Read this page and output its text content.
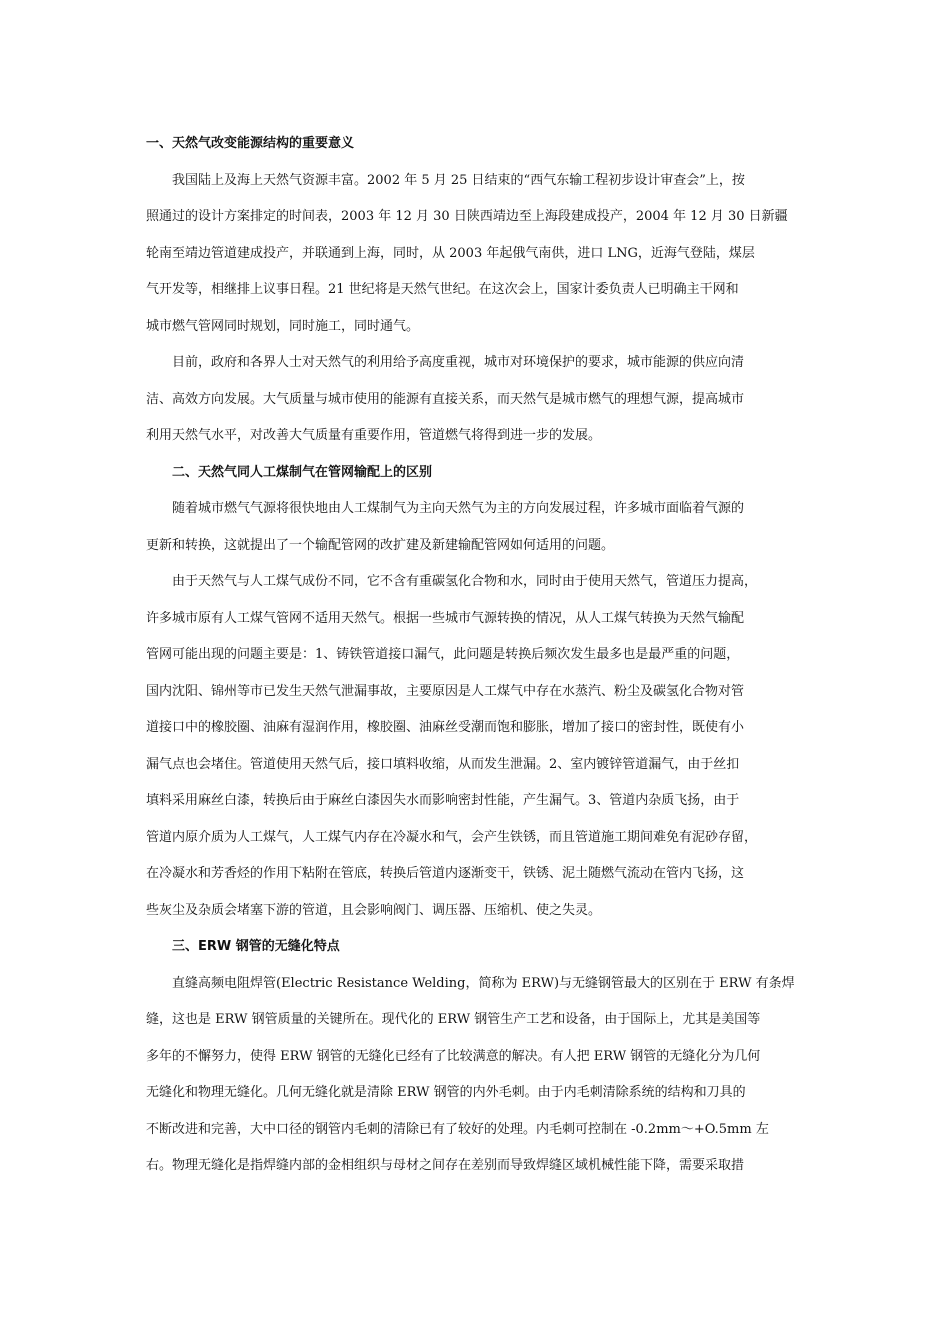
一、天然气改变能源结构的重要意义
我国陆上及海上天然气资源丰富。2002 年 5 月 25 日结束的“西气东输工程初步设计审查会”上，按
照通过的设计方案排定的时间表，2003 年 12 月 30 日陕西靖边至上海段建成投产，2004 年 12 月 30 日新疆
轮南至靖边管道建成投产，并联通到上海，同时，从 2003 年起俄气南供，进口 LNG，近海气登陆，煤层
气开发等，相继排上议事日程。21 世纪将是天然气世纪。在这次会上，国家计委负责人已明确主干网和
城市燃气管网同时规划，同时施工，同时通气。
目前，政府和各界人士对天然气的利用给予高度重视，城市对环境保护的要求，城市能源的供应向清
洁、高效方向发展。大气质量与城市使用的能源有直接关系，而天然气是城市燃气的理想气源，提高城市
利用天然气水平，对改善大气质量有重要作用，管道燃气将得到进一步的发展。
二、天然气同人工煤制气在管网输配上的区别
随着城市燃气气源将很快地由人工煤制气为主向天然气为主的方向发展过程，许多城市面临着气源的
更新和转换，这就提出了一个输配管网的改扩建及新建输配管网如何适用的问题。
由于天然气与人工煤气成份不同，它不含有重碳氢化合物和水，同时由于使用天然气，管道压力提高，
许多城市原有人工煤气管网不适用天然气。根据一些城市气源转换的情况，从人工煤气转换为天然气输配
管网可能出现的问题主要是：1、铸铁管道接口漏气，此问题是转换后频次发生最多也是最严重的问题，
国内沈阳、锦州等市已发生天然气泄漏事故，主要原因是人工煤气中存在水蒸汽、粉尘及碳氢化合物对管
道接口中的橡胶圈、油麻有湿润作用，橡胶圈、油麻丝受潮而饱和膨胀，增加了接口的密封性，既使有小
漏气点也会堵住。管道使用天然气后，接口填料收缩，从而发生泄漏。2、室内镀锌管道漏气，由于丝扣
填料采用麻丝白漆，转换后由于麻丝白漆因失水而影响密封性能，产生漏气。3、管道内杂质飞扬，由于
管道内原介质为人工煤气，人工煤气内存在冷凝水和气，会产生铁锈，而且管道施工期间难免有泥砂存留，
在冷凝水和芳香烃的作用下粘附在管底，转换后管道内逐渐变干，铁锈、泥土随燃气流动在管内飞扬，这
些灰尘及杂质会堵塞下游的管道，且会影响阀门、调压器、压缩机、使之失灵。
三、ERW 钢管的无缝化特点
直缝高频电阻焊管(Electric Resistance Welding，简称为 ERW)与无缝钢管最大的区别在于 ERW 有条焊
缝，这也是 ERW 钢管质量的关键所在。现代化的 ERW 钢管生产工艺和设备，由于国际上，尤其是美国等
多年的不懈努力，使得 ERW 钢管的无缝化已经有了比较满意的解决。有人把 ERW 钢管的无缝化分为几何
无缝化和物理无缝化。几何无缝化就是清除 ERW 钢管的内外毛刺。由于内毛刺清除系统的结构和刀具的
不断改进和完善，大中口径的钢管内毛刺的清除已有了较好的处理。内毛刺可控制在 -0.2mm～+O.5mm 左
右。物理无缝化是指焊缝内部的金相组织与母材之间存在差别而导致焊缝区域机械性能下降，需要采取措
